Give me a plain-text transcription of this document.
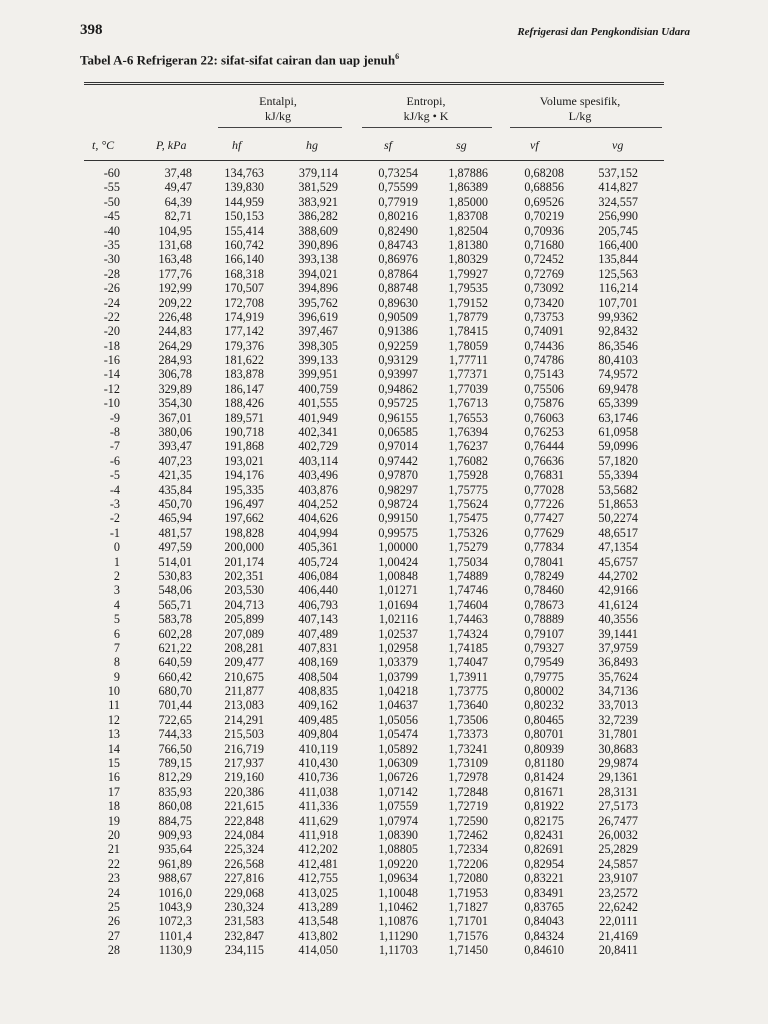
398	Refrigerasi dan Pengkondisian Udara
Tabel A-6 Refrigeran 22: sifat-sifat cairan dan uap jenuh$^6$
Entalpi,
kJ/kg
Entropi,
kJ/kg • K
Volume spesifik,
L/kg
t, °C	P, kPa	hf	hg	sf	sg	vf	vg
-60	37,48	134,763	379,114	0,73254	1,87886	0,68208	537,152
-55	49,47	139,830	381,529	0,75599	1,86389	0,68856	414,827
-50	64,39	144,959	383,921	0,77919	1,85000	0,69526	324,557
-45	82,71	150,153	386,282	0,80216	1,83708	0,70219	256,990
-40	104,95	155,414	388,609	0,82490	1,82504	0,70936	205,745
-35	131,68	160,742	390,896	0,84743	1,81380	0,71680	166,400
-30	163,48	166,140	393,138	0,86976	1,80329	0,72452	135,844
-28	177,76	168,318	394,021	0,87864	1,79927	0,72769	125,563
-26	192,99	170,507	394,896	0,88748	1,79535	0,73092	116,214
-24	209,22	172,708	395,762	0,89630	1,79152	0,73420	107,701
-22	226,48	174,919	396,619	0,90509	1,78779	0,73753	99,9362
-20	244,83	177,142	397,467	0,91386	1,78415	0,74091	92,8432
-18	264,29	179,376	398,305	0,92259	1,78059	0,74436	86,3546
-16	284,93	181,622	399,133	0,93129	1,77711	0,74786	80,4103
-14	306,78	183,878	399,951	0,93997	1,77371	0,75143	74,9572
-12	329,89	186,147	400,759	0,94862	1,77039	0,75506	69,9478
-10	354,30	188,426	401,555	0,95725	1,76713	0,75876	65,3399
-9	367,01	189,571	401,949	0,96155	1,76553	0,76063	63,1746
-8	380,06	190,718	402,341	0,06585	1,76394	0,76253	61,0958
-7	393,47	191,868	402,729	0,97014	1,76237	0,76444	59,0996
-6	407,23	193,021	403,114	0,97442	1,76082	0,76636	57,1820
-5	421,35	194,176	403,496	0,97870	1,75928	0,76831	55,3394
-4	435,84	195,335	403,876	0,98297	1,75775	0,77028	53,5682
-3	450,70	196,497	404,252	0,98724	1,75624	0,77226	51,8653
-2	465,94	197,662	404,626	0,99150	1,75475	0,77427	50,2274
-1	481,57	198,828	404,994	0,99575	1,75326	0,77629	48,6517
0	497,59	200,000	405,361	1,00000	1,75279	0,77834	47,1354
1	514,01	201,174	405,724	1,00424	1,75034	0,78041	45,6757
2	530,83	202,351	406,084	1,00848	1,74889	0,78249	44,2702
3	548,06	203,530	406,440	1,01271	1,74746	0,78460	42,9166
4	565,71	204,713	406,793	1,01694	1,74604	0,78673	41,6124
5	583,78	205,899	407,143	1,02116	1,74463	0,78889	40,3556
6	602,28	207,089	407,489	1,02537	1,74324	0,79107	39,1441
7	621,22	208,281	407,831	1,02958	1,74185	0,79327	37,9759
8	640,59	209,477	408,169	1,03379	1,74047	0,79549	36,8493
9	660,42	210,675	408,504	1,03799	1,73911	0,79775	35,7624
10	680,70	211,877	408,835	1,04218	1,73775	0,80002	34,7136
11	701,44	213,083	409,162	1,04637	1,73640	0,80232	33,7013
12	722,65	214,291	409,485	1,05056	1,73506	0,80465	32,7239
13	744,33	215,503	409,804	1,05474	1,73373	0,80701	31,7801
14	766,50	216,719	410,119	1,05892	1,73241	0,80939	30,8683
15	789,15	217,937	410,430	1,06309	1,73109	0,81180	29,9874
16	812,29	219,160	410,736	1,06726	1,72978	0,81424	29,1361
17	835,93	220,386	411,038	1,07142	1,72848	0,81671	28,3131
18	860,08	221,615	411,336	1,07559	1,72719	0,81922	27,5173
19	884,75	222,848	411,629	1,07974	1,72590	0,82175	26,7477
20	909,93	224,084	411,918	1,08390	1,72462	0,82431	26,0032
21	935,64	225,324	412,202	1,08805	1,72334	0,82691	25,2829
22	961,89	226,568	412,481	1,09220	1,72206	0,82954	24,5857
23	988,67	227,816	412,755	1,09634	1,72080	0,83221	23,9107
24	1016,0	229,068	413,025	1,10048	1,71953	0,83491	23,2572
25	1043,9	230,324	413,289	1,10462	1,71827	0,83765	22,6242
26	1072,3	231,583	413,548	1,10876	1,71701	0,84043	22,0111
27	1101,4	232,847	413,802	1,11290	1,71576	0,84324	21,4169
28	1130,9	234,115	414,050	1,11703	1,71450	0,84610	20,8411
